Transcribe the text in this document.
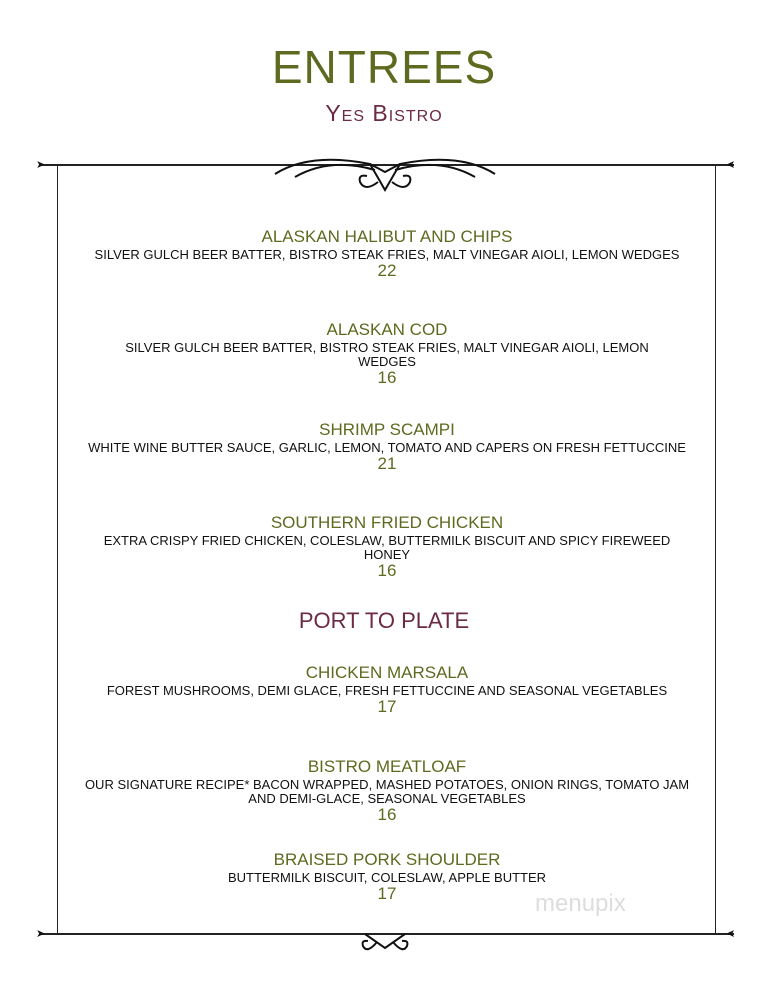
ENTREES
Yes Bistro
➤	➤
➤	➤
ALASKAN HALIBUT AND CHIPS
SILVER GULCH BEER BATTER, BISTRO STEAK FRIES, MALT VINEGAR AIOLI, LEMON WEDGES
22
ALASKAN COD
SILVER GULCH BEER BATTER, BISTRO STEAK FRIES, MALT VINEGAR AIOLI, LEMON WEDGES
16
SHRIMP SCAMPI
WHITE WINE BUTTER SAUCE, GARLIC, LEMON, TOMATO AND CAPERS ON FRESH FETTUCCINE
21
SOUTHERN FRIED CHICKEN
EXTRA CRISPY FRIED CHICKEN, COLESLAW, BUTTERMILK BISCUIT AND SPICY FIREWEED HONEY
16
PORT TO PLATE
CHICKEN MARSALA
FOREST MUSHROOMS, DEMI GLACE, FRESH FETTUCCINE AND SEASONAL VEGETABLES
17
BISTRO MEATLOAF
OUR SIGNATURE RECIPE* BACON WRAPPED, MASHED POTATOES, ONION RINGS, TOMATO JAM AND DEMI-GLACE, SEASONAL VEGETABLES
16
BRAISED PORK SHOULDER
BUTTERMILK BISCUIT, COLESLAW, APPLE BUTTER
17	menupix
